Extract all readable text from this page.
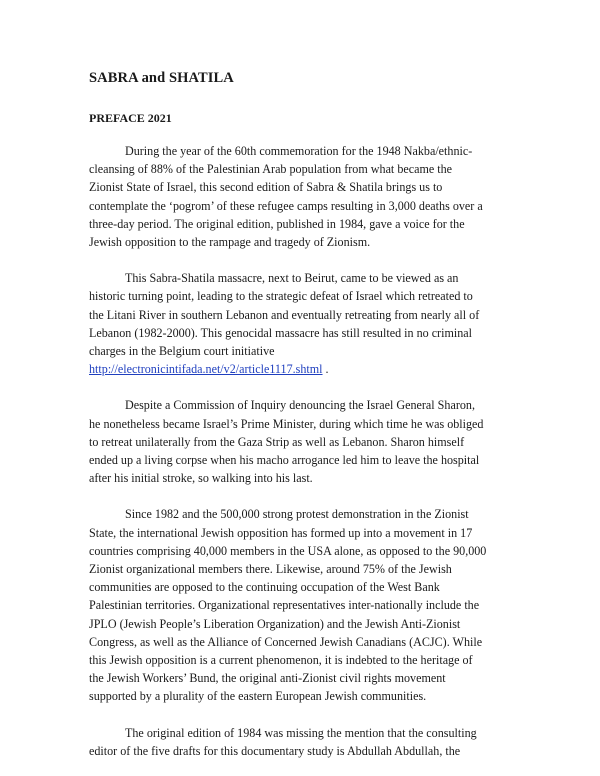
SABRA and SHATILA
PREFACE 2021

During the year of the 60th commemoration for the 1948 Nakba/ethnic-
cleansing of 88% of the Palestinian Arab population from what became the
Zionist State of Israel, this second edition of Sabra & Shatila brings us to
contemplate the ‘pogrom’ of these refugee camps resulting in 3,000 deaths over a
three-day period. The original edition, published in 1984, gave a voice for the
Jewish opposition to the rampage and tragedy of Zionism.

This Sabra-Shatila massacre, next to Beirut, came to be viewed as an
historic turning point, leading to the strategic defeat of Israel which retreated to
the Litani River in southern Lebanon and eventually retreating from nearly all of
Lebanon (1982-2000). This genocidal massacre has still resulted in no criminal
charges in the Belgium court initiative
http://electronicintifada.net/v2/article1117.shtml .

Despite a Commission of Inquiry denouncing the Israel General Sharon,
he nonetheless became Israel’s Prime Minister, during which time he was obliged
to retreat unilaterally from the Gaza Strip as well as Lebanon. Sharon himself
ended up a living corpse when his macho arrogance led him to leave the hospital
after his initial stroke, so walking into his last.

Since 1982 and the 500,000 strong protest demonstration in the Zionist
State, the international Jewish opposition has formed up into a movement in 17
countries comprising 40,000 members in the USA alone, as opposed to the 90,000
Zionist organizational members there. Likewise, around 75% of the Jewish
communities are opposed to the continuing occupation of the West Bank
Palestinian territories. Organizational representatives inter-nationally include the
JPLO (Jewish People’s Liberation Organization) and the Jewish Anti-Zionist
Congress, as well as the Alliance of Concerned Jewish Canadians (ACJC). While
this Jewish opposition is a current phenomenon, it is indebted to the heritage of
the Jewish Workers’ Bund, the original anti-Zionist civil rights movement
supported by a plurality of the eastern European Jewish communities.

The original edition of 1984 was missing the mention that the consulting
editor of the five drafts for this documentary study is Abdullah Abdullah, the
